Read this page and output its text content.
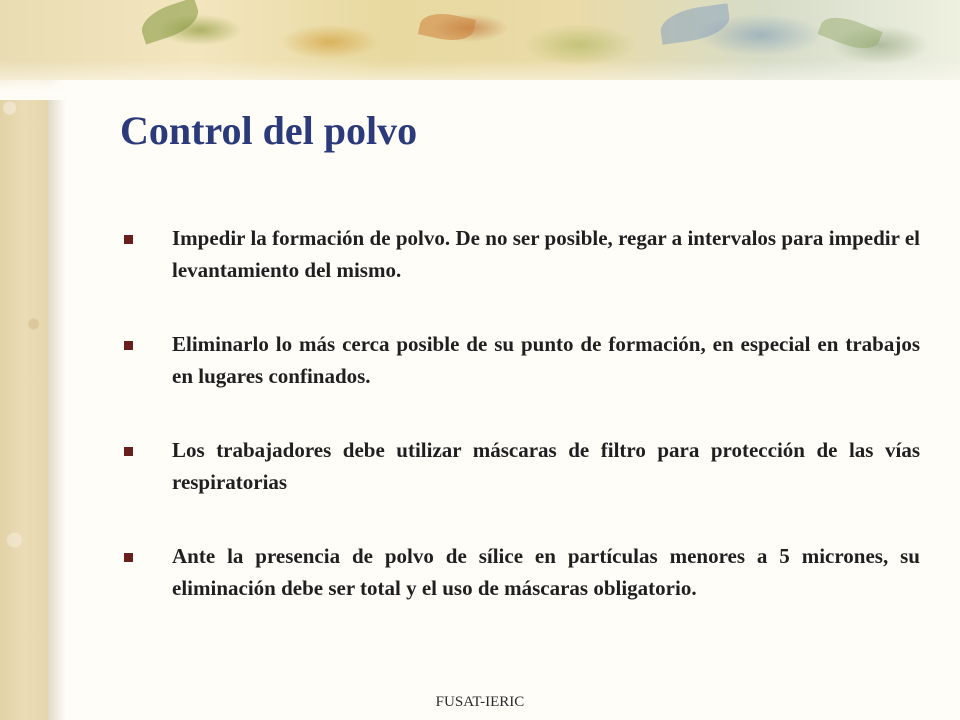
Control del polvo
Impedir la formación de polvo. De no ser posible, regar a intervalos para impedir el levantamiento del mismo.
Eliminarlo lo más cerca posible de su punto de formación, en especial en trabajos en lugares confinados.
Los trabajadores debe utilizar máscaras de filtro para protección de las vías respiratorias
Ante la presencia de polvo de sílice en partículas menores a 5 micrones, su eliminación debe ser total y el uso de máscaras obligatorio.
FUSAT-IERIC
